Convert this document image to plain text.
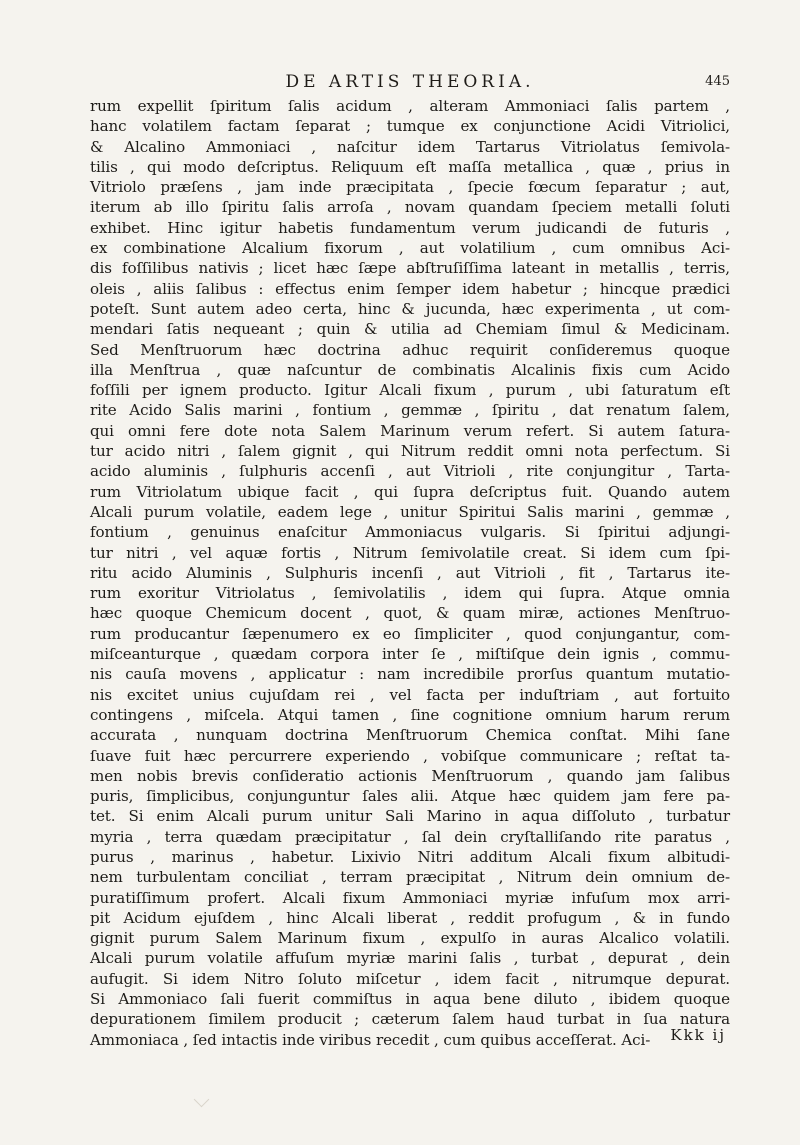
DE ARTIS THEORIA.	445
rum expellit ſpiritum ſalis acidum , alteram Ammoniaci ſalis partem ,
hanc volatilem factam ſeparat ; tumque ex conjunctione Acidi Vitriolici,
& Alcalino Ammoniaci , naſcitur idem Tartarus Vitriolatus ſemivola-
tilis , qui modo deſcriptus. Reliquum eſt maſſa metallica , quæ , prius in
Vitriolo præſens , jam inde præcipitata , ſpecie fœcum ſeparatur ; aut,
iterum ab illo ſpiritu ſalis arroſa , novam quandam ſpeciem metalli ſoluti
exhibet. Hinc igitur habetis fundamentum verum judicandi de futuris ,
ex combinatione Alcalium fixorum , aut volatilium , cum omnibus Aci-
dis foſſilibus nativis ; licet hæc ſæpe abſtruſiſſima lateant in metallis , terris,
oleis , aliis ſalibus : effectus enim ſemper idem habetur ; hincque prædici
poteſt. Sunt autem adeo certa, hinc & jucunda, hæc experimenta , ut com-
mendari ſatis nequeant ; quin & utilia ad Chemiam ſimul & Medicinam.
Sed Menſtruorum hæc doctrina adhuc requirit conſideremus quoque
illa Menſtrua , quæ naſcuntur de combinatis Alcalinis fixis cum Acido
foſſili per ignem producto. Igitur Alcali fixum , purum , ubi ſaturatum eſt
rite Acido Salis marini , fontium , gemmæ , ſpiritu , dat renatum ſalem,
qui omni fere dote nota Salem Marinum verum refert. Si autem ſatura-
tur acido nitri , ſalem gignit , qui Nitrum reddit omni nota perfectum. Si
acido aluminis , ſulphuris accenſi , aut Vitrioli , rite conjungitur , Tarta-
rum Vitriolatum ubique facit , qui ſupra deſcriptus fuit. Quando autem
Alcali purum volatile, eadem lege , unitur Spiritui Salis marini , gemmæ ,
fontium , genuinus enaſcitur Ammoniacus vulgaris. Si ſpiritui adjungi-
tur nitri , vel aquæ fortis , Nitrum ſemivolatile creat. Si idem cum ſpi-
ritu acido Aluminis , Sulphuris incenſi , aut Vitrioli , fit , Tartarus ite-
rum exoritur Vitriolatus , ſemivolatilis , idem qui ſupra. Atque omnia
hæc quoque Chemicum docent , quot, & quam miræ, actiones Menſtruo-
rum producantur ſæpenumero ex eo ſimpliciter , quod conjungantur, com-
miſceanturque , quædam corpora inter ſe , miſtiſque dein ignis , commu-
nis cauſa movens , applicatur : nam incredibile prorſus quantum mutatio-
nis excitet unius cujuſdam rei , vel facta per induſtriam , aut fortuito
contingens , miſcela. Atqui tamen , ſine cognitione omnium harum rerum
accurata , nunquam doctrina Menſtruorum Chemica conſtat. Mihi ſane
ſuave fuit hæc percurrere experiendo , vobiſque communicare ; reſtat ta-
men nobis brevis conſideratio actionis Menſtruorum , quando jam ſalibus
puris, ſimplicibus, conjunguntur ſales alii. Atque hæc quidem jam fere pa-
tet. Si enim Alcali purum unitur Sali Marino in aqua diſſoluto , turbatur
myria , terra quædam præcipitatur , ſal dein cryſtalliſando rite paratus ,
purus , marinus , habetur. Lixivio Nitri additum Alcali fixum albitudi-
nem turbulentam conciliat , terram præcipitat , Nitrum dein omnium de-
puratiſſimum profert. Alcali fixum Ammoniaci myriæ infuſum mox arri-
pit Acidum ejuſdem , hinc Alcali liberat , reddit profugum , & in fundo
gignit purum Salem Marinum fixum , expulſo in auras Alcalico volatili.
Alcali purum volatile affuſum myriæ marini ſalis , turbat , depurat , dein
aufugit. Si idem Nitro ſoluto miſcetur , idem facit , nitrumque depurat.
Si Ammoniaco ſali fuerit commiſtus in aqua bene diluto , ibidem quoque
depurationem ſimilem producit ; cæterum ſalem haud turbat in ſua natura
Ammoniaca , ſed intactis inde viribus recedit , cum quibus acceſſerat. Aci-	Kkk ij
